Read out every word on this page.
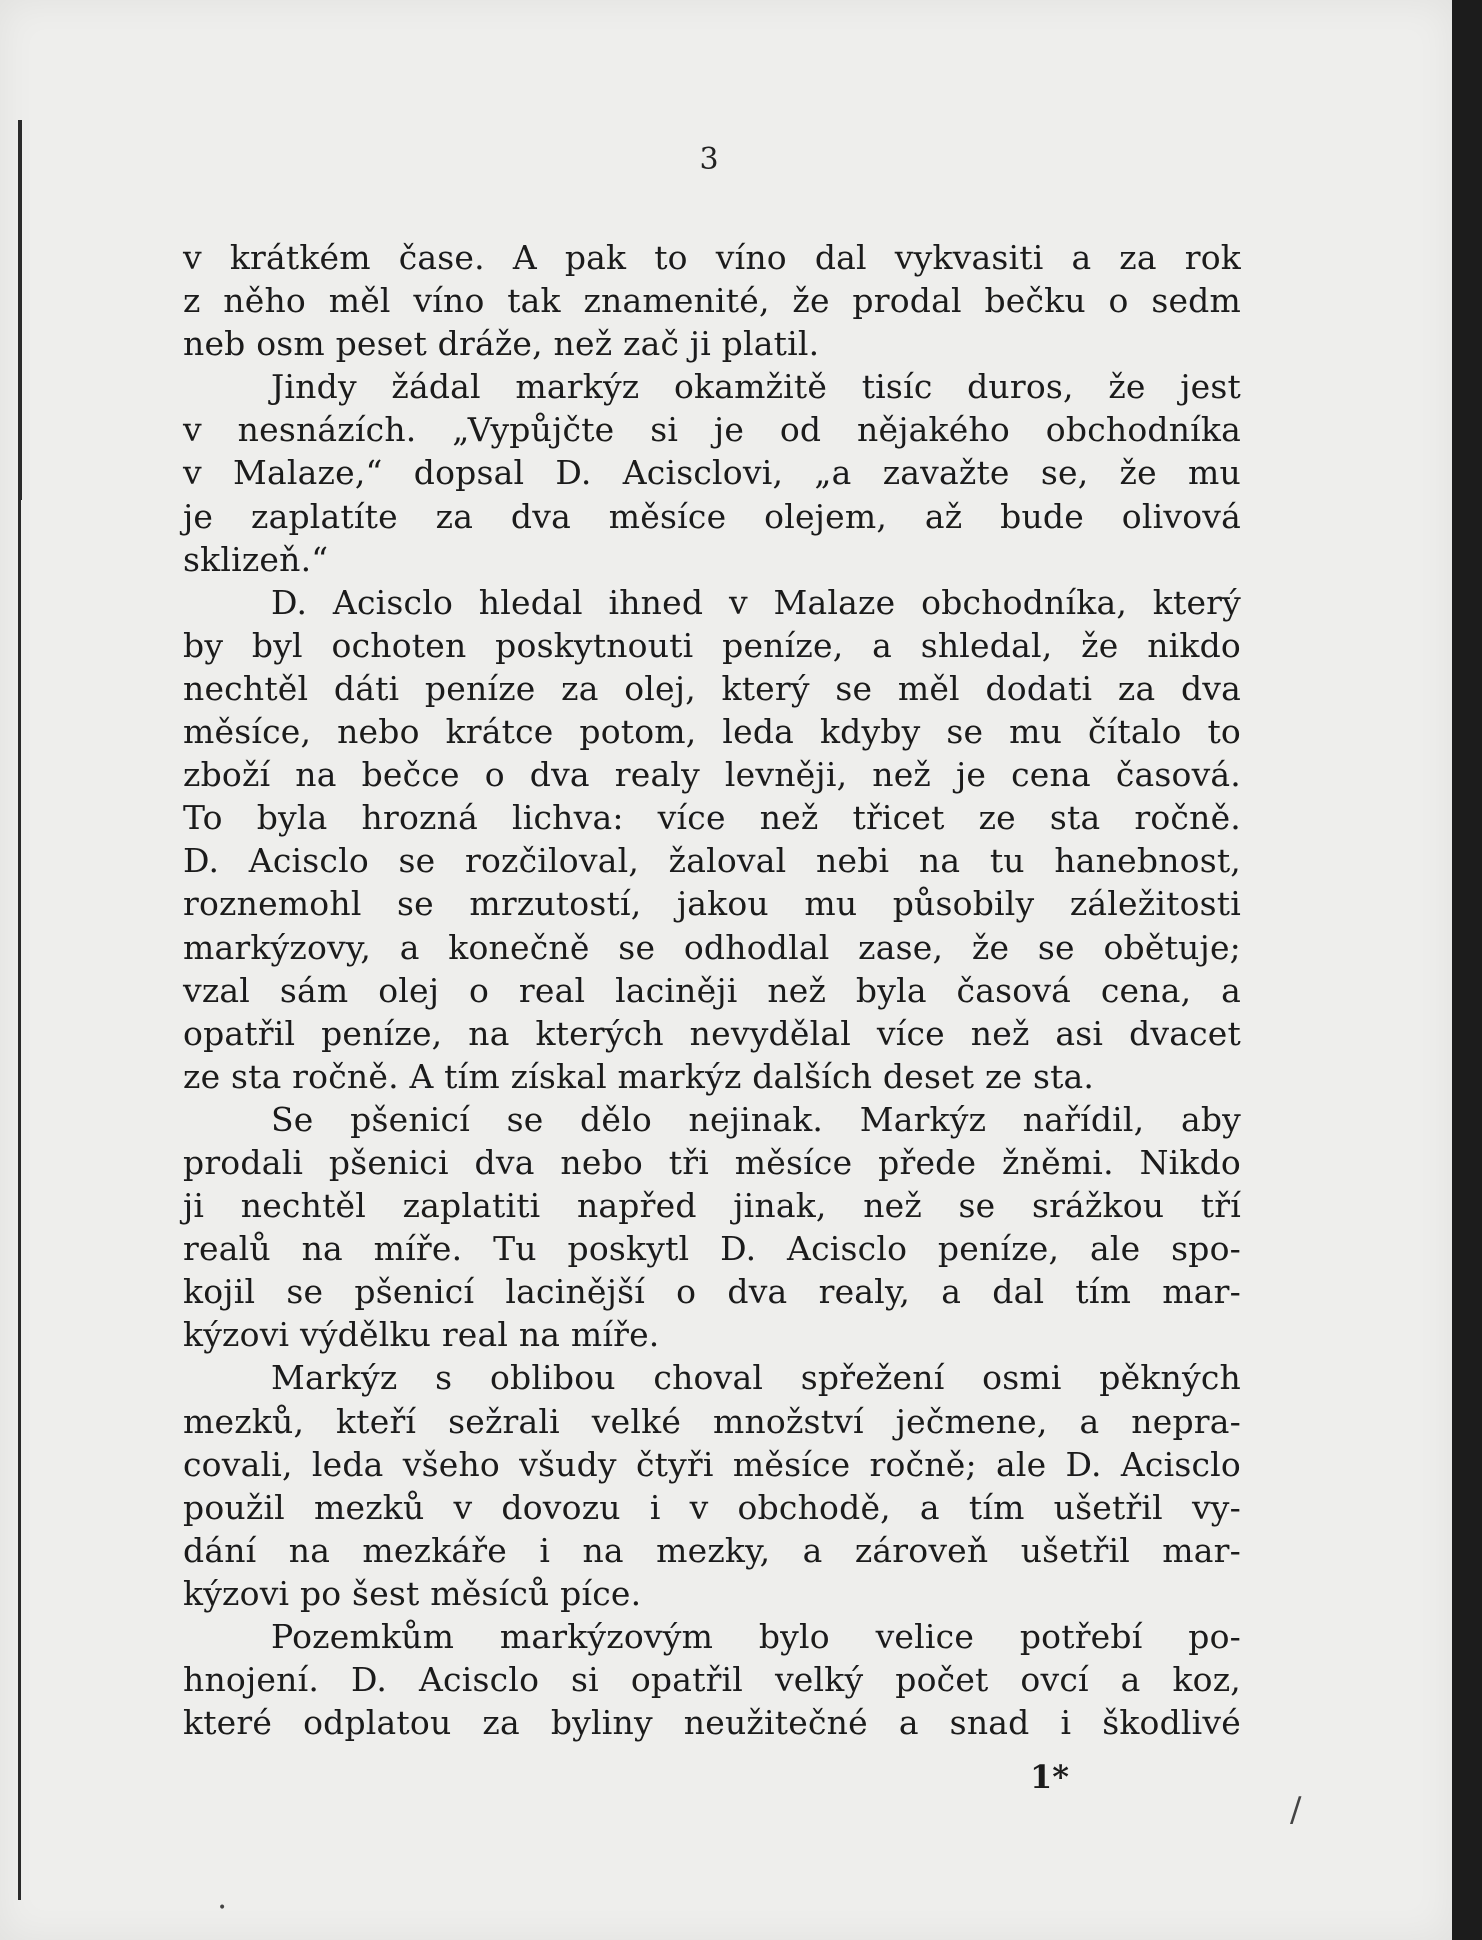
3
v krátkém čase. A pak to víno dal vykvasiti a za rok
z něho měl víno tak znamenité, že prodal bečku o sedm
neb osm peset dráže, než zač ji platil.
Jindy žádal markýz okamžitě tisíc duros, že jest
v nesnázích. „Vypůjčte si je od nějakého obchodníka
v Malaze,“ dopsal D. Acisclovi, „a zavažte se, že mu
je zaplatíte za dva měsíce olejem, až bude olivová
sklizeň.“
D. Acisclo hledal ihned v Malaze obchodníka, který
by byl ochoten poskytnouti peníze, a shledal, že nikdo
nechtěl dáti peníze za olej, který se měl dodati za dva
měsíce, nebo krátce potom, leda kdyby se mu čítalo to
zboží na bečce o dva realy levněji, než je cena časová.
To byla hrozná lichva: více než třicet ze sta ročně.
D. Acisclo se rozčiloval, žaloval nebi na tu hanebnost,
roznemohl se mrzutostí, jakou mu působily záležitosti
markýzovy, a konečně se odhodlal zase, že se obětuje;
vzal sám olej o real laciněji než byla časová cena, a
opatřil peníze, na kterých nevydělal více než asi dvacet
ze sta ročně. A tím získal markýz dalších deset ze sta.
Se pšenicí se dělo nejinak. Markýz nařídil, aby
prodali pšenici dva nebo tři měsíce přede žněmi. Nikdo
ji nechtěl zaplatiti napřed jinak, než se srážkou tří
realů na míře. Tu poskytl D. Acisclo peníze, ale spo-
kojil se pšenicí lacinější o dva realy, a dal tím mar-
kýzovi výdělku real na míře.
Markýz s oblibou choval spřežení osmi pěkných
mezků, kteří sežrali velké množství ječmene, a nepra-
covali, leda všeho všudy čtyři měsíce ročně; ale D. Acisclo
použil mezků v dovozu i v obchodě, a tím ušetřil vy-
dání na mezkáře i na mezky, a zároveň ušetřil mar-
kýzovi po šest měsíců píce.
Pozemkům markýzovým bylo velice potřebí po-
hnojení. D. Acisclo si opatřil velký počet ovcí a koz,
které odplatou za byliny neužitečné a snad i škodlivé
1*
/
•
